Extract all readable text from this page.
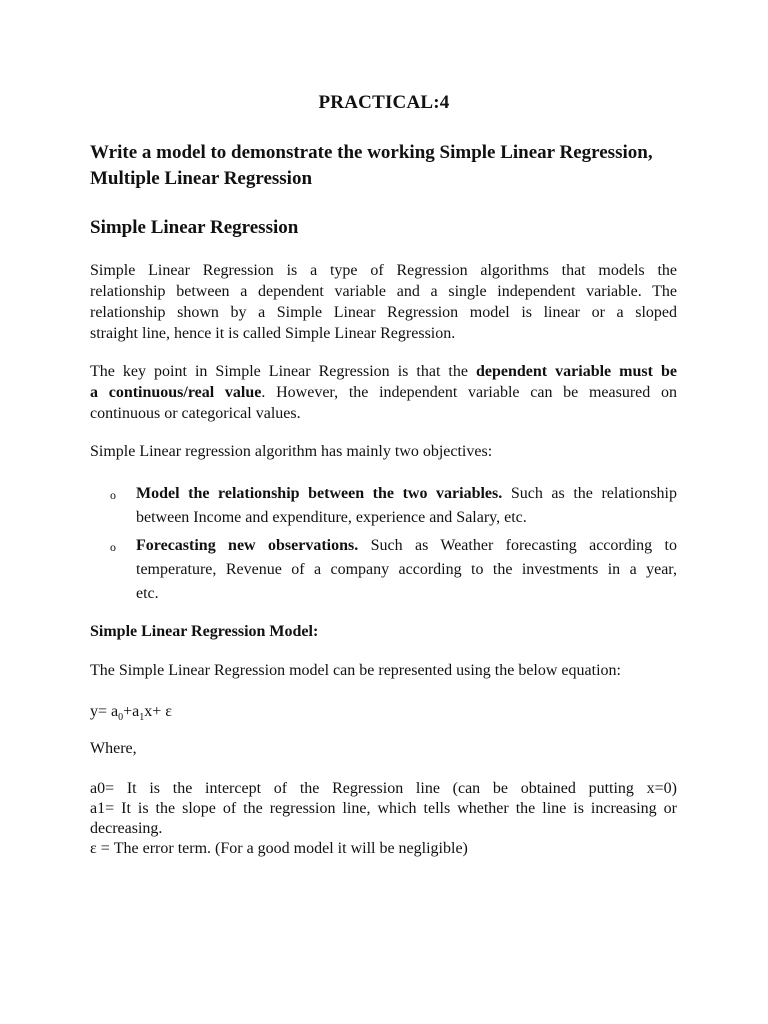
PRACTICAL:4
Write a model to demonstrate the working Simple Linear Regression,
Multiple Linear Regression
Simple Linear Regression
Simple Linear Regression is a type of Regression algorithms that models the
relationship between a dependent variable and a single independent variable. The
relationship shown by a Simple Linear Regression model is linear or a sloped
straight line, hence it is called Simple Linear Regression.
The key point in Simple Linear Regression is that the dependent variable must be
a continuous/real value. However, the independent variable can be measured on
continuous or categorical values.
Simple Linear regression algorithm has mainly two objectives:
o Model the relationship between the two variables. Such as the relationship
between Income and expenditure, experience and Salary, etc.
o Forecasting new observations. Such as Weather forecasting according to
temperature, Revenue of a company according to the investments in a year,
etc.
Simple Linear Regression Model:
The Simple Linear Regression model can be represented using the below equation:
$y= a_0+a_1x+ \varepsilon$
Where,
a0= It is the intercept of the Regression line (can be obtained putting x=0)
a1= It is the slope of the regression line, which tells whether the line is increasing or
decreasing.
ε = The error term. (For a good model it will be negligible)
